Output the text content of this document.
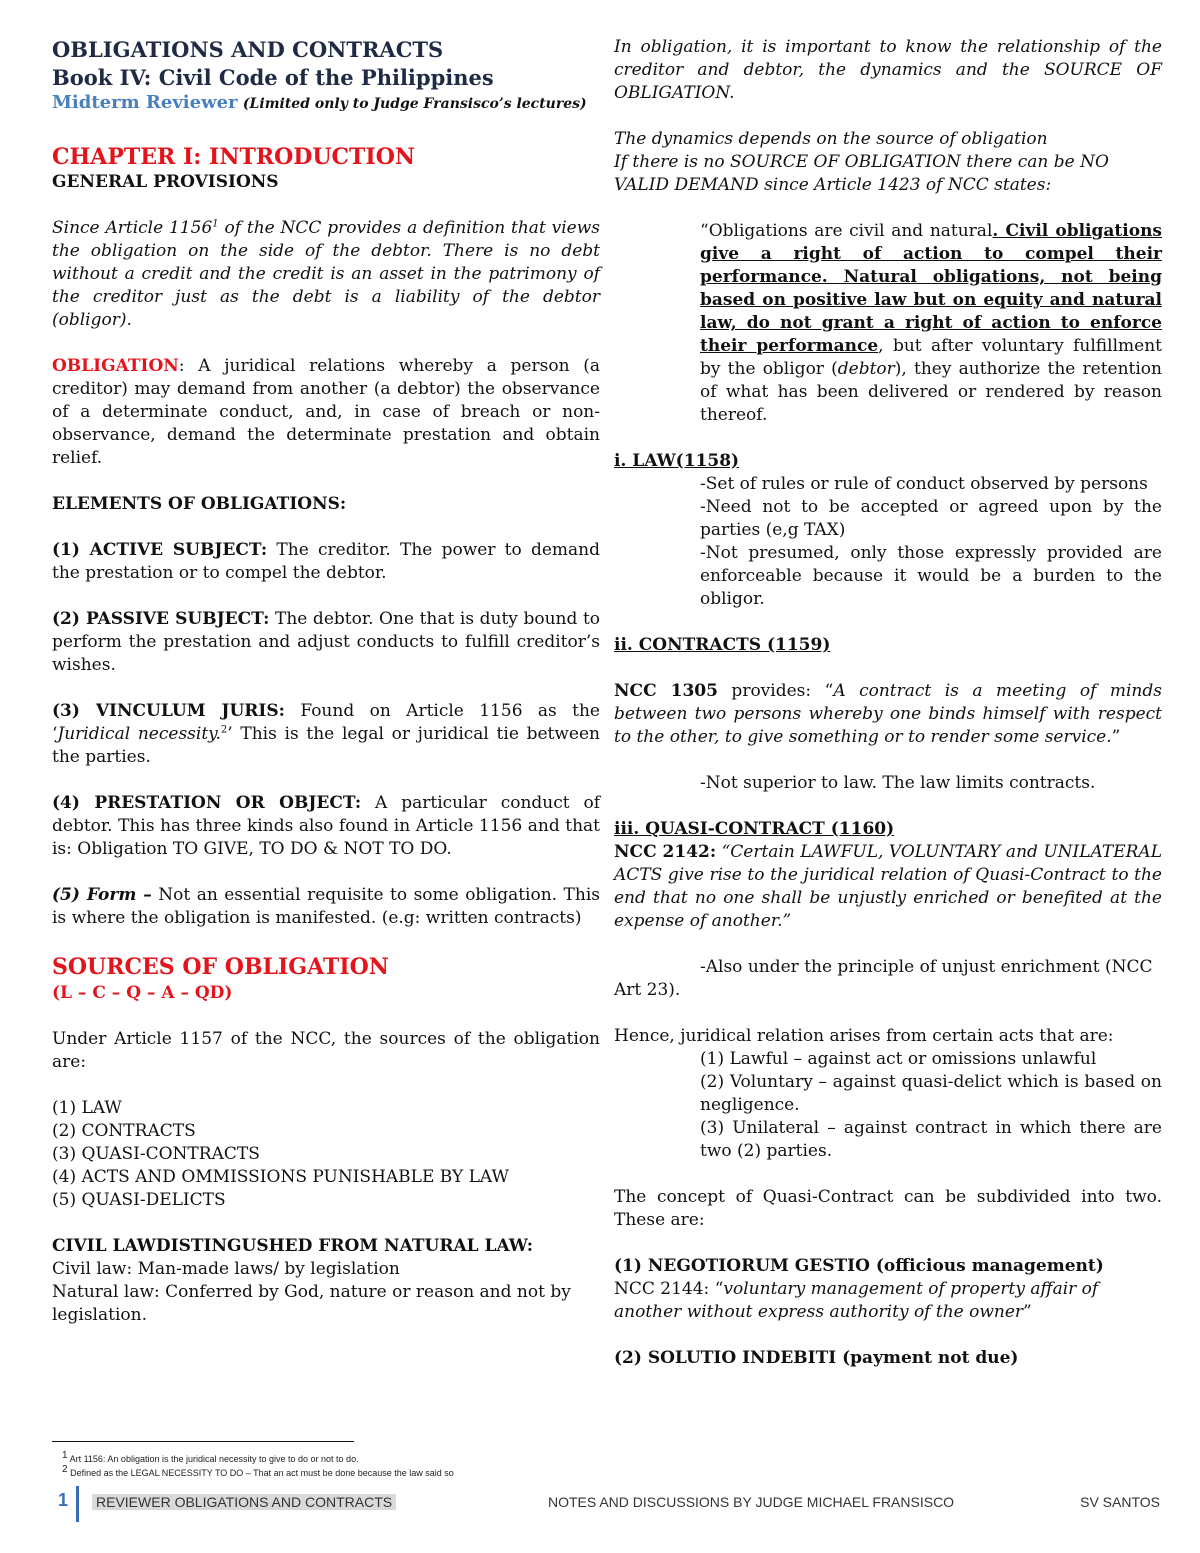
OBLIGATIONS AND CONTRACTS

Book IV: Civil Code of the Philippines

Midterm Reviewer (Limited only to Judge Fransisco’s lectures)

CHAPTER I: INTRODUCTION

GENERAL PROVISIONS

Since Article 1156$^1$ of the NCC provides a definition that views the obligation on the side of the debtor. There is no debt without a credit and the credit is an asset in the patrimony of the creditor just as the debt is a liability of the debtor (obligor).

OBLIGATION: A juridical relations whereby a person (a creditor) may demand from another (a debtor) the observance of a determinate conduct, and, in case of breach or non-observance, demand the determinate prestation and obtain relief.

ELEMENTS OF OBLIGATIONS:

(1) ACTIVE SUBJECT: The creditor. The power to demand the prestation or to compel the debtor.

(2) PASSIVE SUBJECT: The debtor. One that is duty bound to perform the prestation and adjust conducts to fulfill creditor’s wishes.

(3) VINCULUM JURIS: Found on Article 1156 as the ‘Juridical necessity.$^2$’ This is the legal or juridical tie between the parties.

(4) PRESTATION OR OBJECT: A particular conduct of debtor. This has three kinds also found in Article 1156 and that is: Obligation TO GIVE, TO DO & NOT TO DO.

(5) Form – Not an essential requisite to some obligation. This is where the obligation is manifested. (e.g: written contracts)

SOURCES OF OBLIGATION

(L – C – Q – A – QD)

Under Article 1157 of the NCC, the sources of the obligation are:

(1) LAW

(2) CONTRACTS

(3) QUASI-CONTRACTS

(4) ACTS AND OMMISSIONS PUNISHABLE BY LAW

(5) QUASI-DELICTS

CIVIL LAWDISTINGUSHED FROM NATURAL LAW:

Civil law: Man-made laws/ by legislation

Natural law: Conferred by God, nature or reason and not by legislation.

In obligation, it is important to know the relationship of the creditor and debtor, the dynamics and the SOURCE OF OBLIGATION.

The dynamics depends on the source of obligation

If there is no SOURCE OF OBLIGATION there can be NO VALID DEMAND since Article 1423 of NCC states:

“Obligations are civil and natural. Civil obligations give a right of action to compel their performance. Natural obligations, not being based on positive law but on equity and natural law, do not grant a right of action to enforce their performance, but after voluntary fulfillment by the obligor (debtor), they authorize the retention of what has been delivered or rendered by reason thereof.

i. LAW(1158)

-Set of rules or rule of conduct observed by persons

-Need not to be accepted or agreed upon by the parties (e,g TAX)

-Not presumed, only those expressly provided are enforceable because it would be a burden to the obligor.

ii. CONTRACTS (1159)

NCC 1305 provides: “A contract is a meeting of minds between two persons whereby one binds himself with respect to the other, to give something or to render some service.”

-Not superior to law. The law limits contracts.

iii. QUASI-CONTRACT (1160)

NCC 2142: “Certain LAWFUL, VOLUNTARY and UNILATERAL ACTS give rise to the juridical relation of Quasi-Contract to the end that no one shall be unjustly enriched or benefited at the expense of another.”

-Also under the principle of unjust enrichment (NCC Art 23).

Hence, juridical relation arises from certain acts that are:

(1) Lawful – against act or omissions unlawful

(2) Voluntary – against quasi-delict which is based on negligence.

(3) Unilateral – against contract in which there are two (2) parties.

The concept of Quasi-Contract can be subdivided into two. These are:

(1) NEGOTIORUM GESTIO (officious management)

NCC 2144: “voluntary management of property affair of another without express authority of the owner”

(2) SOLUTIO INDEBITI (payment not due)

$^1$ Art 1156: An obligation is the juridical necessity to give to do or not to do.
$^2$ Defined as the LEGAL NECESSITY TO DO – That an act must be done because the law said so
1 REVIEWER OBLIGATIONS AND CONTRACTS	NOTES AND DISCUSSIONS BY JUDGE MICHAEL FRANSISCO	SV SANTOS
